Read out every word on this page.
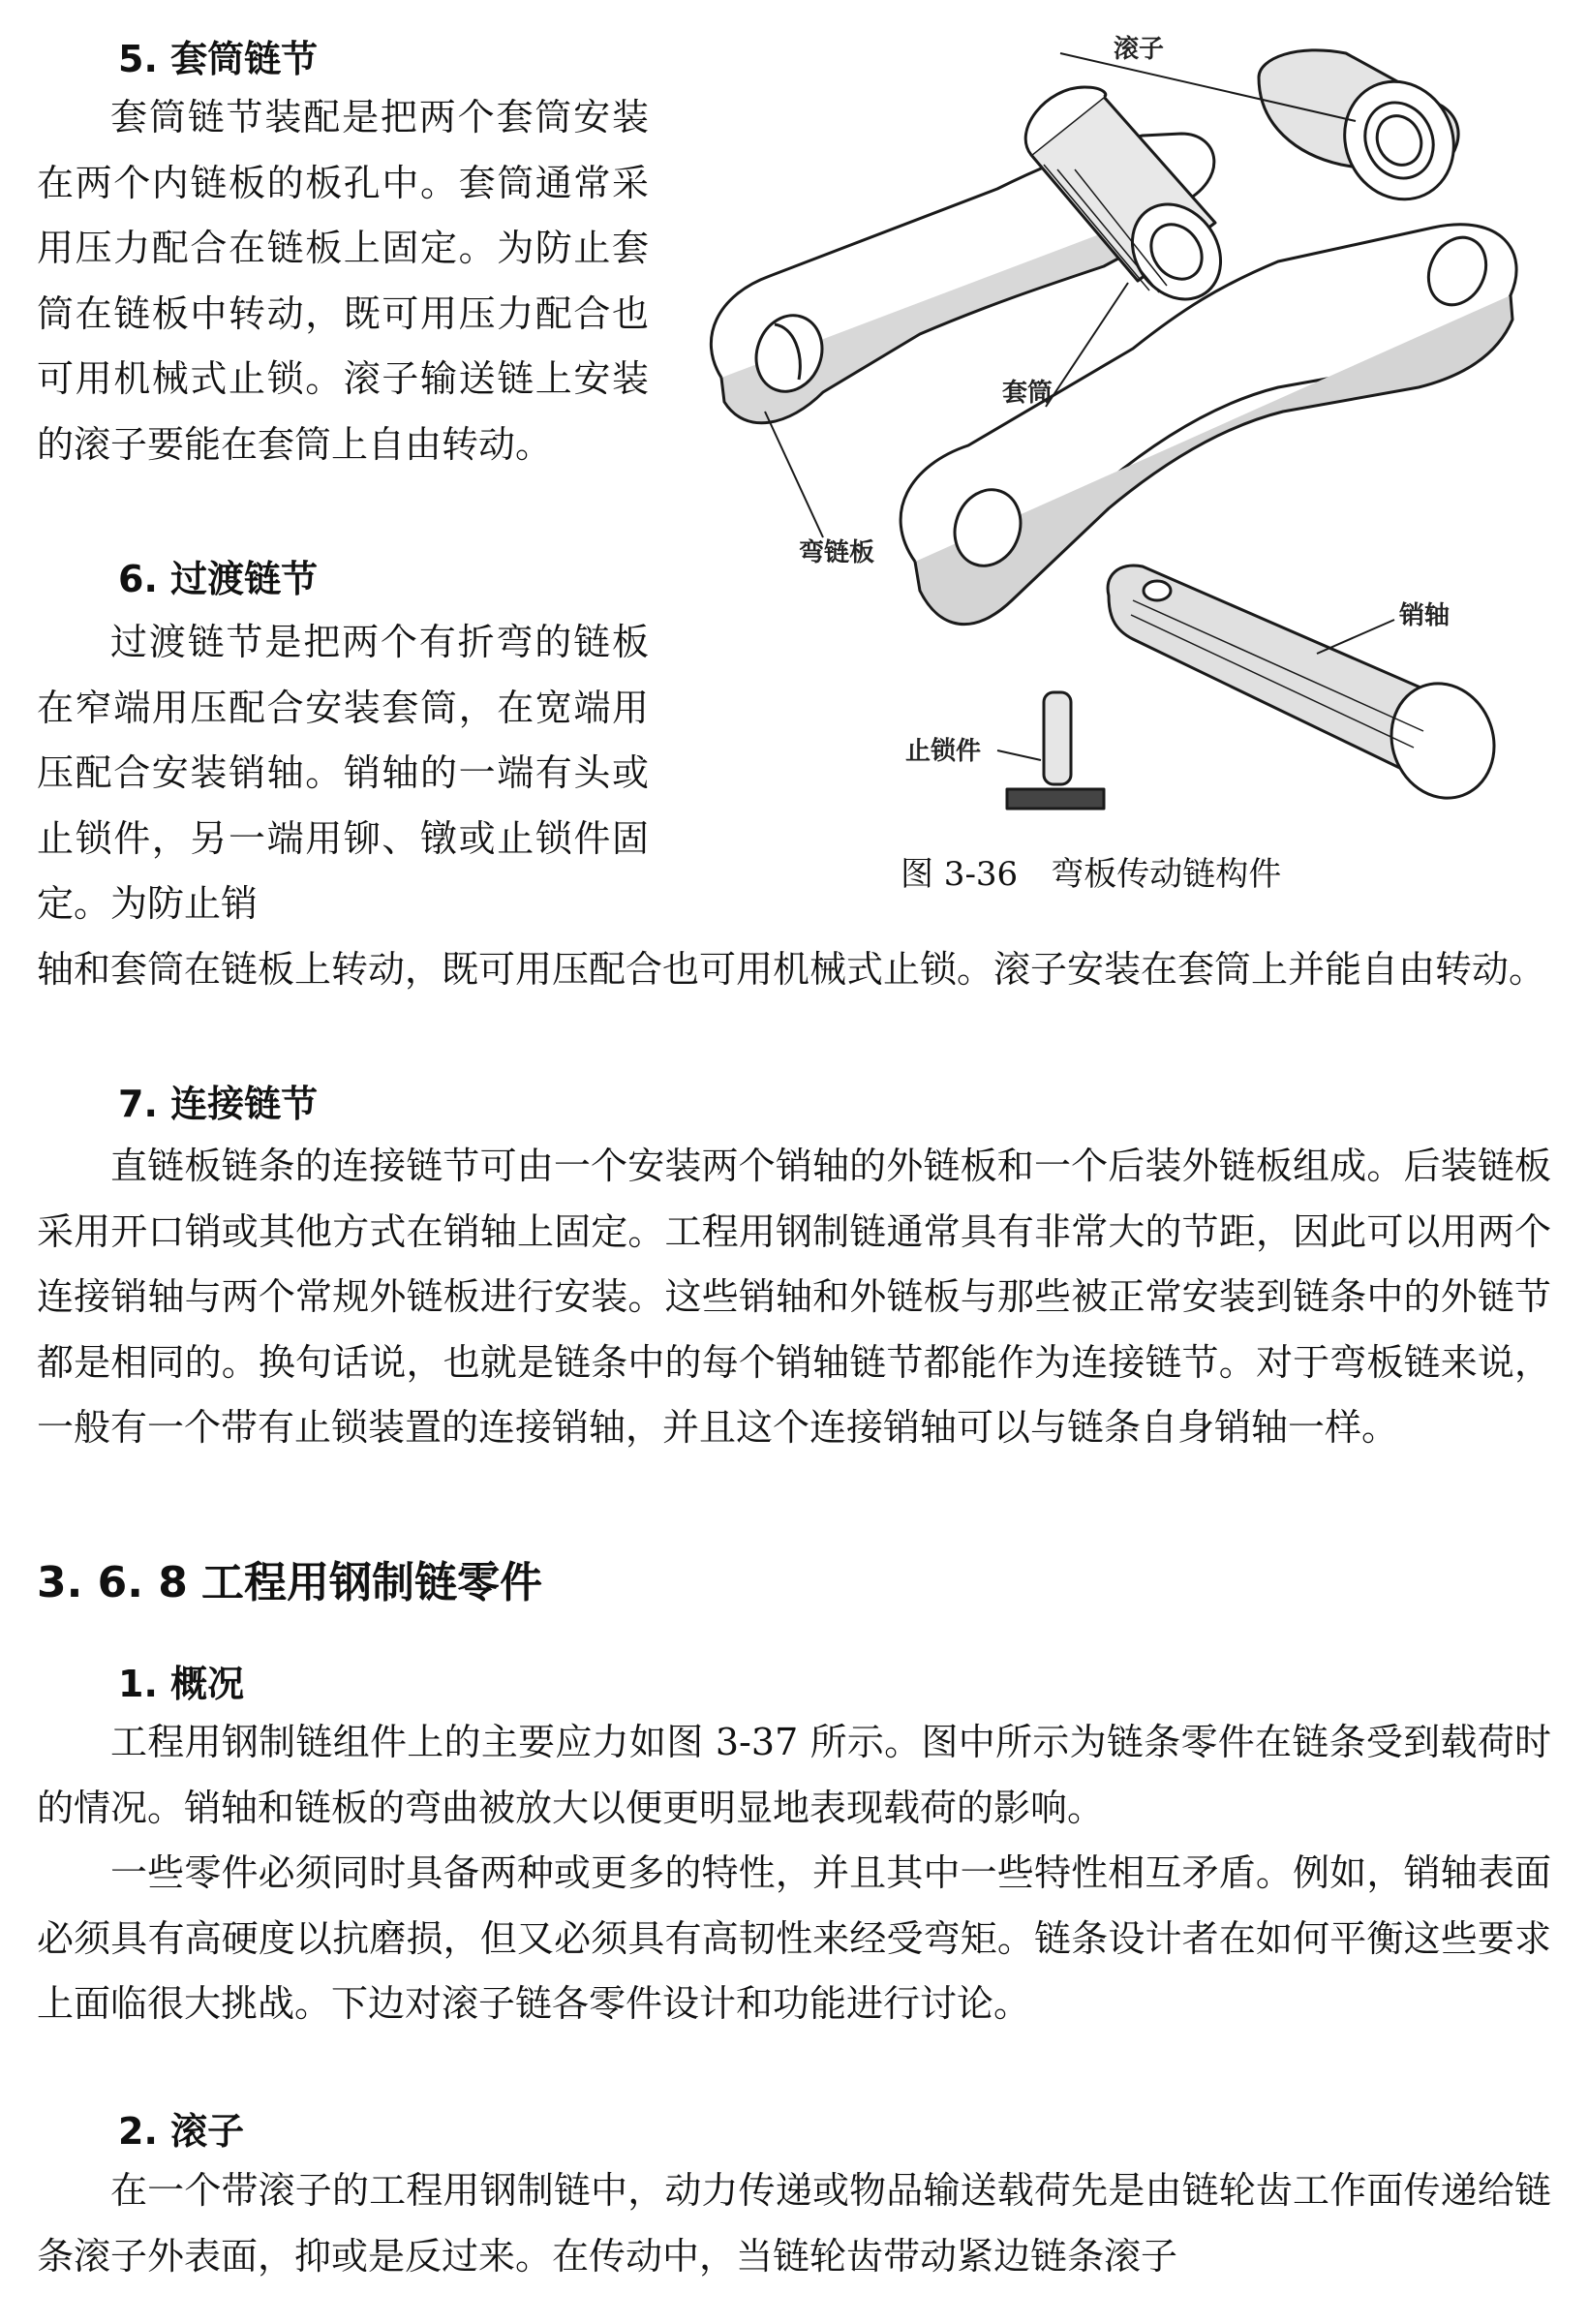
5. 套筒链节

套筒链节装配是把两个套筒安装在两个内链板的板孔中。套筒通常采用压力配合在链板上固定。为防止套筒在链板中转动，既可用压力配合也可用机械式止锁。滚子输送链上安装的滚子要能在套筒上自由转动。

6. 过渡链节

过渡链节是把两个有折弯的链板在窄端用压配合安装套筒，在宽端用压配合安装销轴。销轴的一端有头或止锁件，另一端用铆、镦或止锁件固定。为防止销

轴和套筒在链板上转动，既可用压配合也可用机械式止锁。滚子安装在套筒上并能自由转动。

7. 连接链节

直链板链条的连接链节可由一个安装两个销轴的外链板和一个后装外链板组成。后装链板采用开口销或其他方式在销轴上固定。工程用钢制链通常具有非常大的节距，因此可以用两个连接销轴与两个常规外链板进行安装。这些销轴和外链板与那些被正常安装到链条中的外链节都是相同的。换句话说，也就是链条中的每个销轴链节都能作为连接链节。对于弯板链来说，一般有一个带有止锁装置的连接销轴，并且这个连接销轴可以与链条自身销轴一样。

3. 6. 8 工程用钢制链零件
1. 概况

工程用钢制链组件上的主要应力如图 3-37 所示。图中所示为链条零件在链条受到载荷时的情况。销轴和链板的弯曲被放大以便更明显地表现载荷的影响。

一些零件必须同时具备两种或更多的特性，并且其中一些特性相互矛盾。例如，销轴表面必须具有高硬度以抗磨损，但又必须具有高韧性来经受弯矩。链条设计者在如何平衡这些要求上面临很大挑战。下边对滚子链各零件设计和功能进行讨论。

2. 滚子

在一个带滚子的工程用钢制链中，动力传递或物品输送载荷先是由链轮齿工作面传递给链条滚子外表面，抑或是反过来。在传动中，当链轮齿带动紧边链条滚子

滚子
套筒
弯链板
销轴
止锁件
图 3-36　弯板传动链构件
